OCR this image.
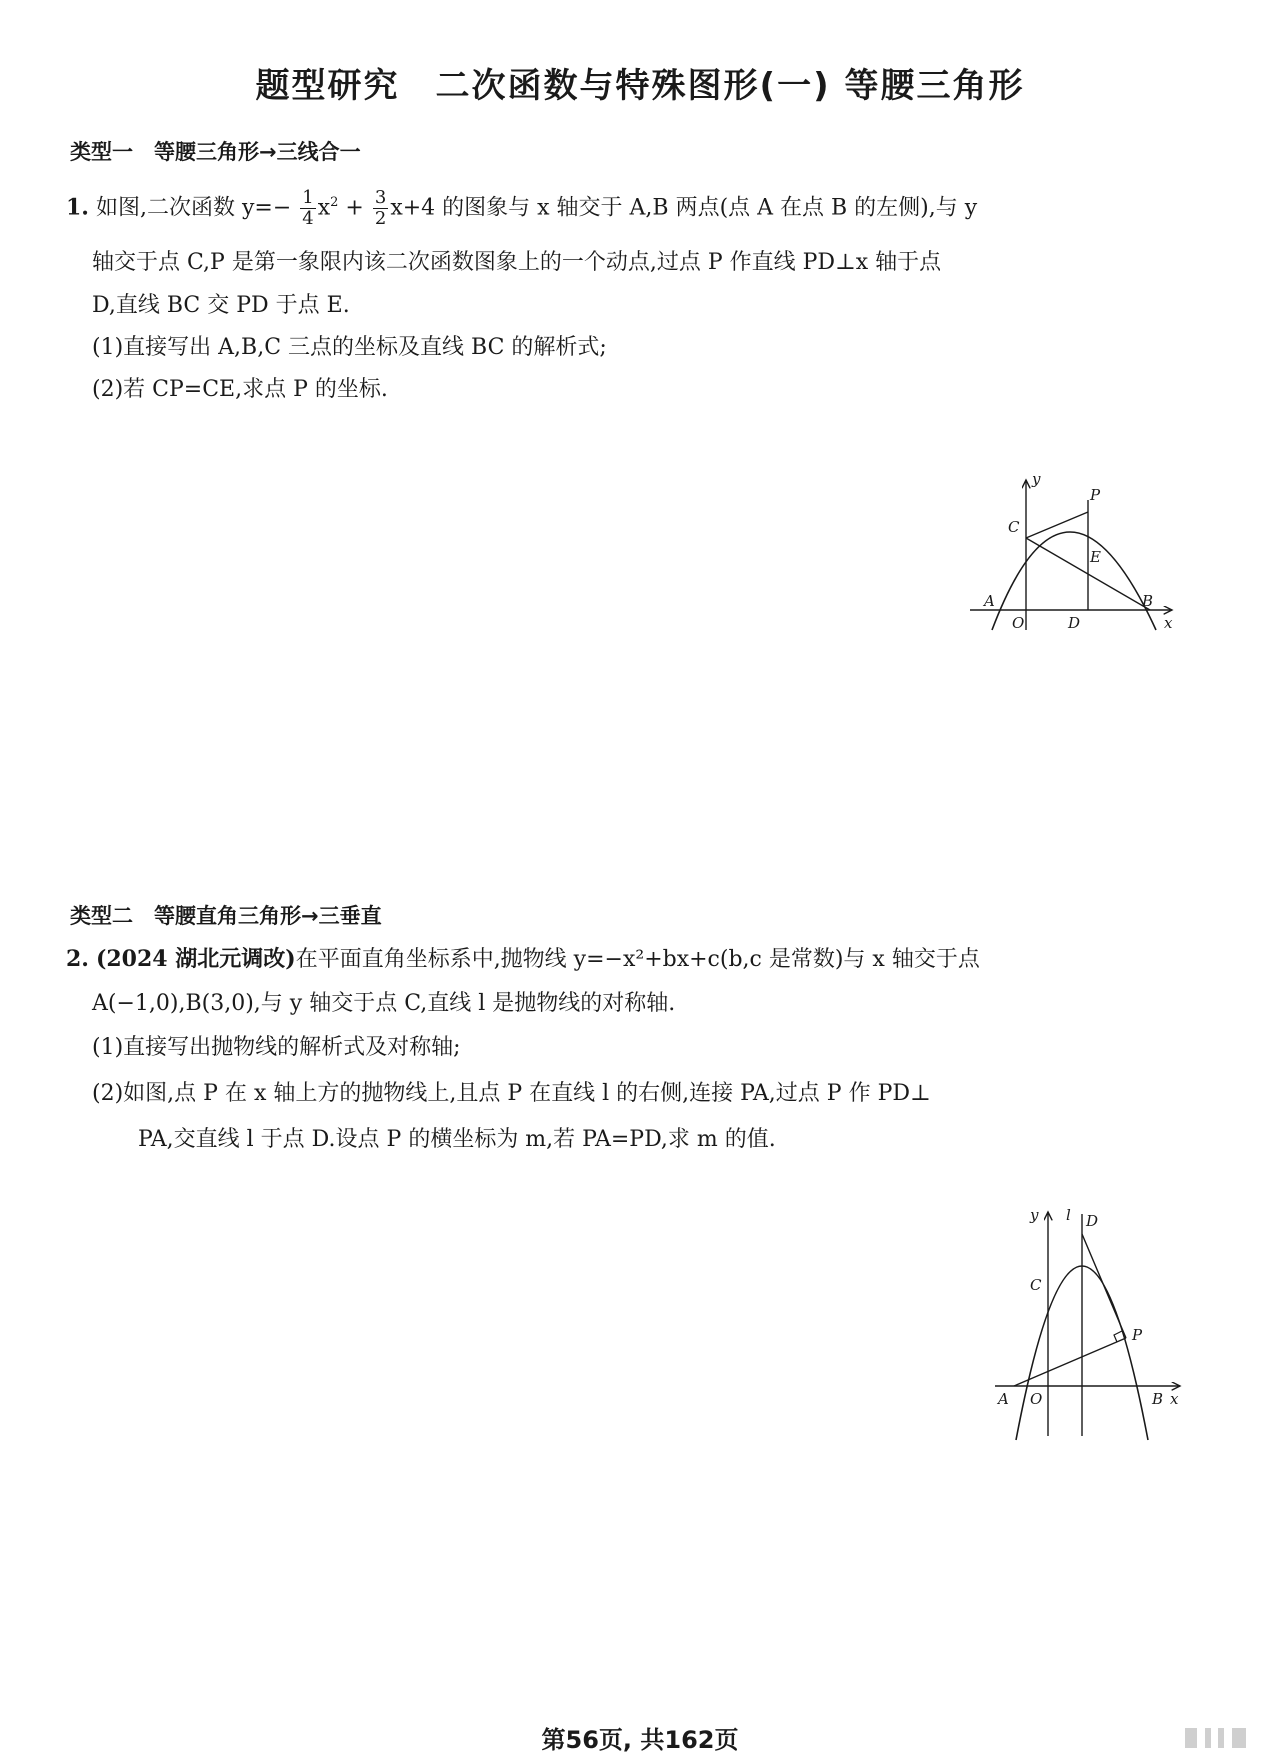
题型研究　二次函数与特殊图形(一) 等腰三角形
类型一　等腰三角形→三线合一
1. 如图,二次函数 $y=- \frac{1}{4} x^2 + \frac{3}{2} x+4$ 的图象与 x 轴交于 A,B 两点(点 A 在点 B 的左侧),与 y
轴交于点 C,P 是第一象限内该二次函数图象上的一个动点,过点 P 作直线 PD⊥x 轴于点
D,直线 BC 交 PD 于点 E.
(1)直接写出 A,B,C 三点的坐标及直线 BC 的解析式;
(2)若 CP=CE,求点 P 的坐标.
y
x
C
P
E
A
O	D
B
类型二　等腰直角三角形→三垂直
2. (2024 湖北元调改)在平面直角坐标系中,抛物线 y=−x²+bx+c(b,c 是常数)与 x 轴交于点
A(−1,0),B(3,0),与 y 轴交于点 C,直线 l 是抛物线的对称轴.
(1)直接写出抛物线的解析式及对称轴;
(2)如图,点 P 在 x 轴上方的抛物线上,且点 P 在直线 l 的右侧,连接 PA,过点 P 作 PD⊥
PA,交直线 l 于点 D.设点 P 的横坐标为 m,若 PA=PD,求 m 的值.
y l D
C
P
A O	B x
第56页, 共162页
